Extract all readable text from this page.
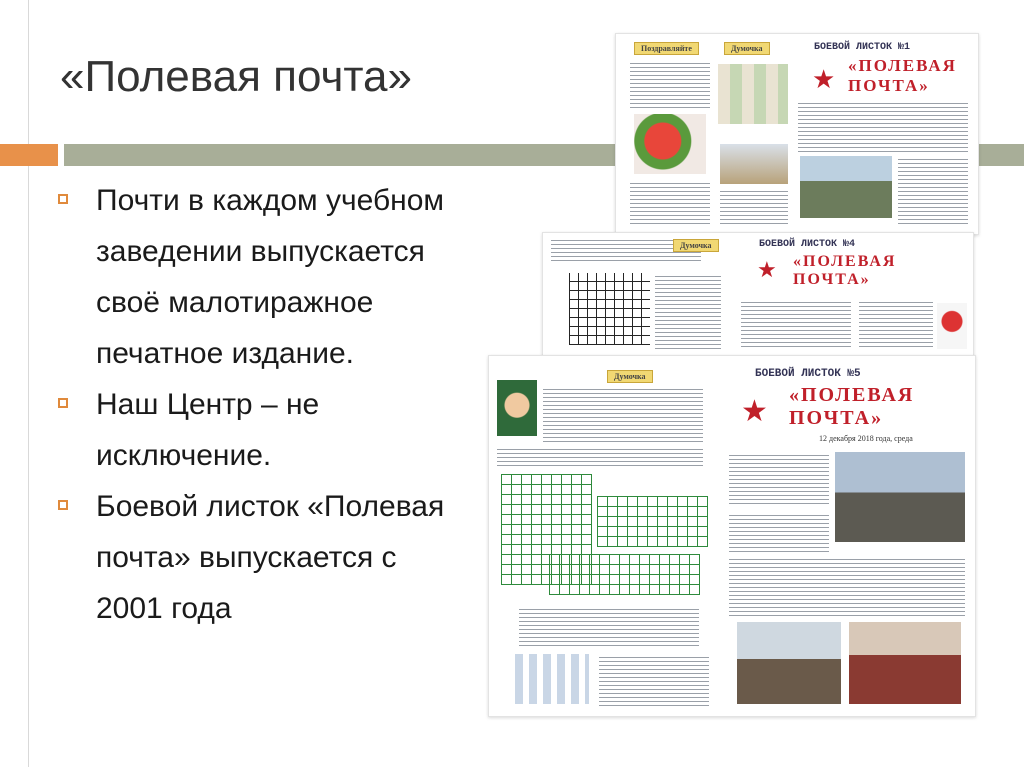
«Полевая почта»
Почти в каждом учебном заведении выпускается своё малотиражное печатное издание.
Наш Центр – не исключение.
Боевой листок «Полевая почта» выпускается с 2001 года
Поздравляйте	Думочка	БОЕВОЙ ЛИСТОК №1
«ПОЛЕВАЯ ПОЧТА»
★
Думочка	БОЕВОЙ ЛИСТОК №4
«ПОЛЕВАЯ ПОЧТА»
★
Думочка	БОЕВОЙ ЛИСТОК №5
«ПОЛЕВАЯ ПОЧТА»
★
12 декабря 2018 года, среда
